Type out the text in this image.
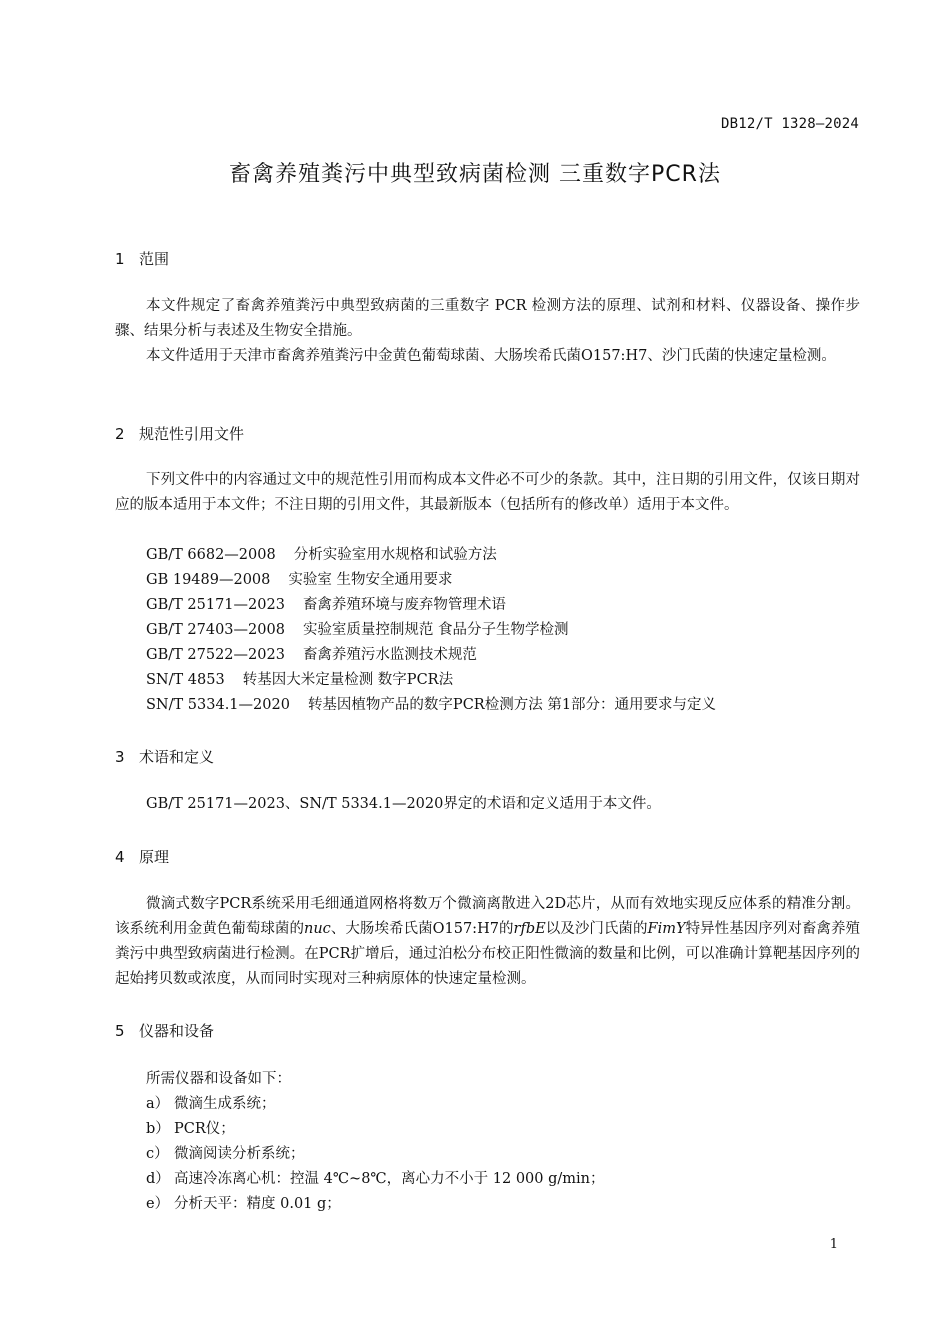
DB12/T 1328—2024
畜禽养殖粪污中典型致病菌检测 三重数字PCR法
1 范围
本文件规定了畜禽养殖粪污中典型致病菌的三重数字 PCR 检测方法的原理、试剂和材料、仪器设备、操作步骤、结果分析与表述及生物安全措施。
本文件适用于天津市畜禽养殖粪污中金黄色葡萄球菌、大肠埃希氏菌O157:H7、沙门氏菌的快速定量检测。
2 规范性引用文件
下列文件中的内容通过文中的规范性引用而构成本文件必不可少的条款。其中，注日期的引用文件，仅该日期对应的版本适用于本文件；不注日期的引用文件，其最新版本（包括所有的修改单）适用于本文件。
GB/T 6682—2008 分析实验室用水规格和试验方法
GB 19489—2008 实验室 生物安全通用要求
GB/T 25171—2023 畜禽养殖环境与废弃物管理术语
GB/T 27403—2008 实验室质量控制规范 食品分子生物学检测
GB/T 27522—2023 畜禽养殖污水监测技术规范
SN/T 4853 转基因大米定量检测 数字PCR法
SN/T 5334.1—2020 转基因植物产品的数字PCR检测方法 第1部分：通用要求与定义
3 术语和定义
GB/T 25171—2023、SN/T 5334.1—2020界定的术语和定义适用于本文件。
4 原理
微滴式数字PCR系统采用毛细通道网格将数万个微滴离散进入2D芯片，从而有效地实现反应体系的精准分割。该系统利用金黄色葡萄球菌的nuc、大肠埃希氏菌O157:H7的rfbE以及沙门氏菌的FimY特异性基因序列对畜禽养殖粪污中典型致病菌进行检测。在PCR扩增后，通过泊松分布校正阳性微滴的数量和比例，可以准确计算靶基因序列的起始拷贝数或浓度，从而同时实现对三种病原体的快速定量检测。
5 仪器和设备
所需仪器和设备如下：
a） 微滴生成系统；
b） PCR仪；
c） 微滴阅读分析系统；
d） 高速冷冻离心机：控温 4℃~8℃，离心力不小于 12 000 g/min；
e） 分析天平：精度 0.01 g；
1
